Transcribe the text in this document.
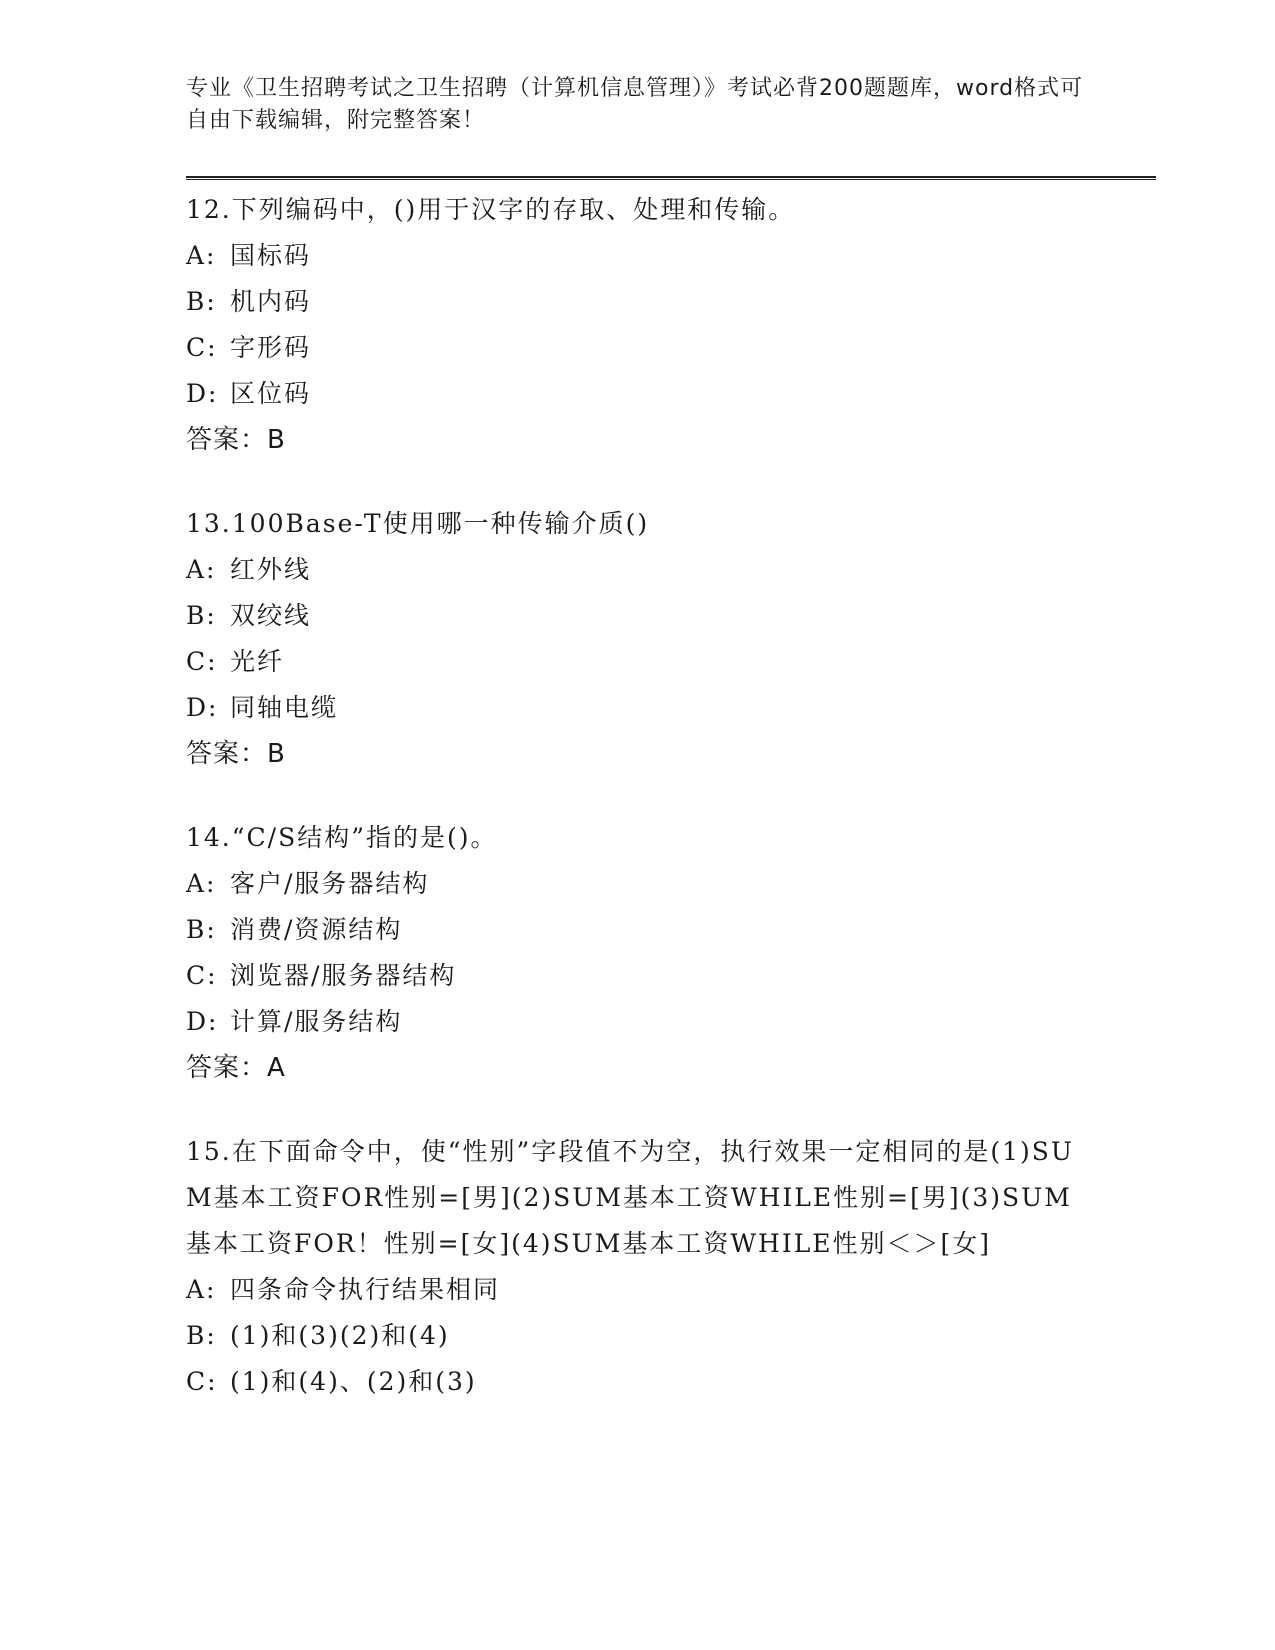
专业《卫生招聘考试之卫生招聘（计算机信息管理）》考试必背200题题库，word格式可自由下载编辑，附完整答案！
12.下列编码中，()用于汉字的存取、处理和传输。
A: 国标码
B: 机内码
C: 字形码
D: 区位码
答案：B
13.100Base-T使用哪一种传输介质()
A: 红外线
B: 双绞线
C: 光纤
D: 同轴电缆
答案：B
14.“C/S结构”指的是()。
A: 客户/服务器结构
B: 消费/资源结构
C: 浏览器/服务器结构
D: 计算/服务结构
答案：A
15.在下面命令中，使“性别”字段值不为空，执行效果一定相同的是(1)SUM基本工资FOR性别=[男](2)SUM基本工资WHILE性别=[男](3)SUM基本工资FOR！性别=[女](4)SUM基本工资WHILE性别＜＞[女]
A: 四条命令执行结果相同
B: (1)和(3)(2)和(4)
C: (1)和(4)、(2)和(3)
